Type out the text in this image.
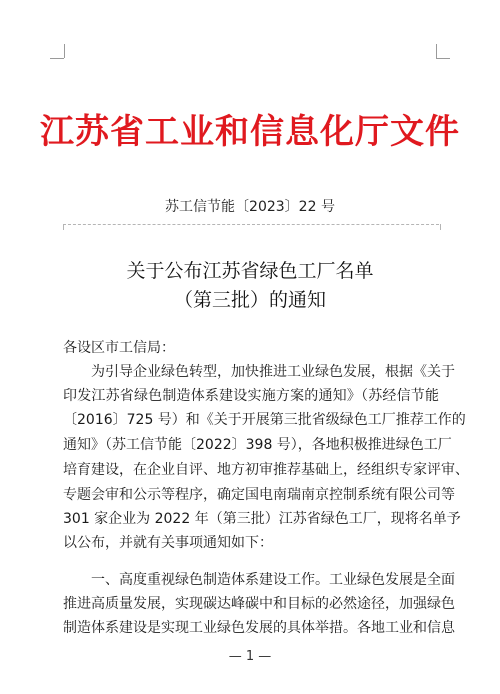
江苏省工业和信息化厅文件
苏工信节能〔2023〕22 号
关于公布江苏省绿色工厂名单
（第三批）的通知
各设区市工信局：
为引导企业绿色转型，加快推进工业绿色发展，根据《关于
印发江苏省绿色制造体系建设实施方案的通知》（苏经信节能
〔2016〕725 号）和《关于开展第三批省级绿色工厂推荐工作的
通知》（苏工信节能〔2022〕398 号），各地积极推进绿色工厂
培育建设，在企业自评、地方初审推荐基础上，经组织专家评审、
专题会审和公示等程序，确定国电南瑞南京控制系统有限公司等
301 家企业为 2022 年（第三批）江苏省绿色工厂，现将名单予
以公布，并就有关事项通知如下：
一、高度重视绿色制造体系建设工作。工业绿色发展是全面
推进高质量发展，实现碳达峰碳中和目标的必然途径，加强绿色
制造体系建设是实现工业绿色发展的具体举措。各地工业和信息
— 1 —
